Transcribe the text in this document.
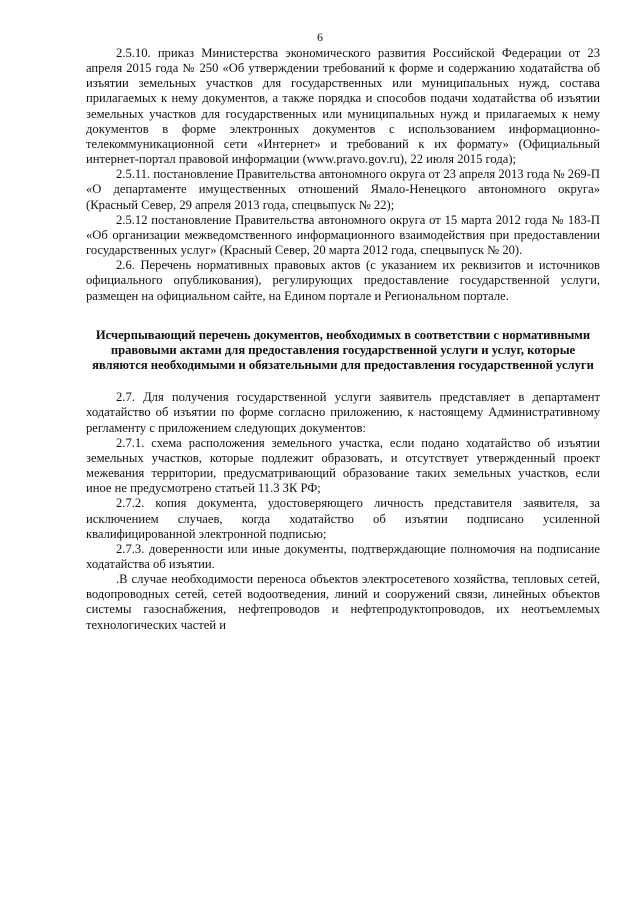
6

2.5.10. приказ Министерства экономического развития Российской Федерации от 23 апреля 2015 года № 250 «Об утверждении требований к форме и содержанию ходатайства об изъятии земельных участков для государственных или муниципальных нужд, состава прилагаемых к нему документов, а также порядка и способов подачи ходатайства об изъятии земельных участков для государственных или муниципальных нужд и прилагаемых к нему документов в форме электронных документов с использованием информационно-телекоммуникационной сети «Интернет» и требований к их формату» (Официальный интернет-портал правовой информации (www.pravo.gov.ru), 22 июля 2015 года);

2.5.11. постановление Правительства автономного округа от 23 апреля 2013 года № 269-П «О департаменте имущественных отношений Ямало-Ненецкого автономного округа» (Красный Север, 29 апреля 2013 года, спецвыпуск № 22);

2.5.12 постановление Правительства автономного округа от 15 марта 2012 года № 183-П «Об организации межведомственного информационного взаимодействия при предоставлении государственных услуг» (Красный Север, 20 марта 2012 года, спецвыпуск № 20).

2.6. Перечень нормативных правовых актов (с указанием их реквизитов и источников официального опубликования), регулирующих предоставление государственной услуги, размещен на официальном сайте, на Едином портале и Региональном портале.

Исчерпывающий перечень документов, необходимых в соответствии с нормативными правовыми актами для предоставления государственной услуги и услуг, которые являются необходимыми и обязательными для предоставления государственной услуги

2.7. Для получения государственной услуги заявитель представляет в департамент ходатайство об изъятии по форме согласно приложению, к настоящему Административному регламенту с приложением следующих документов:

2.7.1. схема расположения земельного участка, если подано ходатайство об изъятии земельных участков, которые подлежит образовать, и отсутствует утвержденный проект межевания территории, предусматривающий образование таких земельных участков, если иное не предусмотрено статьей 11.3 ЗК РФ;

2.7.2. копия документа, удостоверяющего личность представителя заявителя, за исключением случаев, когда ходатайство об изъятии подписано усиленной квалифицированной электронной подписью;

2.7.3. доверенности или иные документы, подтверждающие полномочия на подписание ходатайства об изъятии.

.В случае необходимости переноса объектов электросетевого хозяйства, тепловых сетей, водопроводных сетей, сетей водоотведения, линий и сооружений связи, линейных объектов системы газоснабжения, нефтепроводов и нефтепродуктопроводов, их неотъемлемых технологических частей и
